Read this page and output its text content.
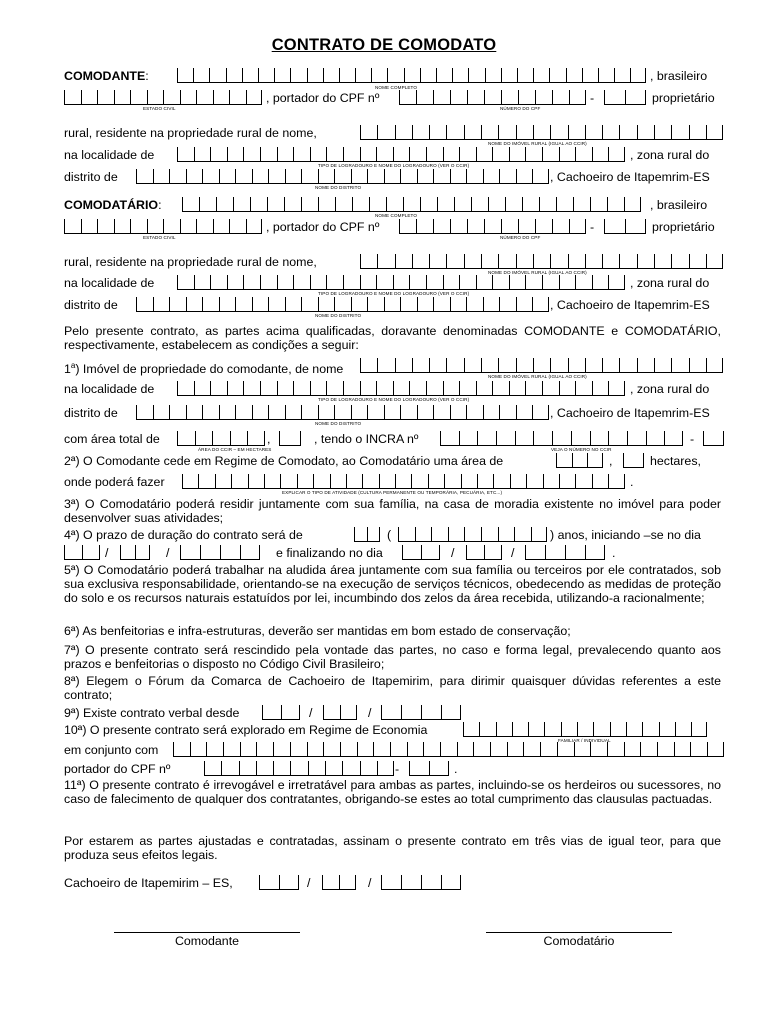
CONTRATO DE COMODATO
COMODANTE:
NOME COMPLETO
, brasileiro
ESTADO CIVIL
, portador do CPF nº
NÚMERO DO CPF
-	proprietário
rural, residente na propriedade rural de nome,
NOME DO IMÓVEL RURAL (IGUAL AO CCIR)
na localidade de
TIPO DE LOGRADOURO E NOME DO LOGRADOURO (VER O CCIR)
, zona rural do
distrito de
NOME DO DISTRITO
, Cachoeiro de Itapemrim-ES
COMODATÁRIO:
NOME COMPLETO
, brasileiro
ESTADO CIVIL
, portador do CPF nº
NÚMERO DO CPF
-	proprietário
rural, residente na propriedade rural de nome,
NOME DO IMÓVEL RURAL (IGUAL AO CCIR)
na localidade de
TIPO DE LOGRADOURO E NOME DO LOGRADOURO (VER O CCIR)
, zona rural do
distrito de
NOME DO DISTRITO
, Cachoeiro de Itapemrim-ES
Pelo presente contrato, as partes acima qualificadas, doravante denominadas COMODANTE e COMODATÁRIO, respectivamente, estabelecem as condições a seguir:
1$^a$) Imóvel de propriedade do comodante, de nome
NOME DO IMÓVEL RURAL (IGUAL AO CCIR)
na localidade de
TIPO DE LOGRADOURO E NOME DO LOGRADOURO (VER O CCIR)
, zona rural do
distrito de
NOME DO DISTRITO
, Cachoeiro de Itapemrim-ES
com área total de	,
ÁREA DO CCIR – EM HECTARES
, tendo o INCRA nº
VEJA O NÚMERO NO CCIR
-
2ª) O Comodante cede em Regime de Comodato, ao Comodatário uma área de	,	hectares,
onde poderá fazer
EXPLICAR O TIPO DE ATIVIDADE (CULTURA PERMANENTE OU TEMPORÁRIA, PECUÁRIA, ETC...)
.
3ª) O Comodatário poderá residir juntamente com sua família, na casa de moradia existente no imóvel para poder desenvolver suas atividades;
4ª) O prazo de duração do contrato será de	(	) anos, iniciando –se no dia
/	/	e finalizando no dia	/	/	.
5ª) O Comodatário poderá trabalhar na aludida área juntamente com sua família ou terceiros por ele contratados, sob sua exclusiva responsabilidade, orientando-se na execução de serviços técnicos, obedecendo as medidas de proteção do solo e os recursos naturais estatuídos por lei, incumbindo dos zelos da área recebida, utilizando-a racionalmente;
6ª) As benfeitorias e infra-estruturas, deverão ser mantidas em bom estado de conservação;
7ª) O presente contrato será rescindido pela vontade das partes, no caso e forma legal, prevalecendo quanto aos prazos e benfeitorias o disposto no Código Civil Brasileiro;
8ª) Elegem o Fórum da Comarca de Cachoeiro de Itapemirim, para dirimir quaisquer dúvidas referentes a este contrato;
9ª) Existe contrato verbal desde	/	/
10ª) O presente contrato será explorado em Regime de Economia
FAMILIAR / INDIVIDUAL
em conjunto com
portador do CPF nº	-	.
11ª) O presente contrato é irrevogável e irretratável para ambas as partes, incluindo-se os herdeiros ou sucessores, no caso de falecimento de qualquer dos contratantes, obrigando-se estes ao total cumprimento das clausulas pactuadas.
Por estarem as partes ajustadas e contratadas, assinam o presente contrato em três vias de igual teor, para que produza seus efeitos legais.
Cachoeiro de Itapemirim – ES,	/	/
Comodante	Comodatário
